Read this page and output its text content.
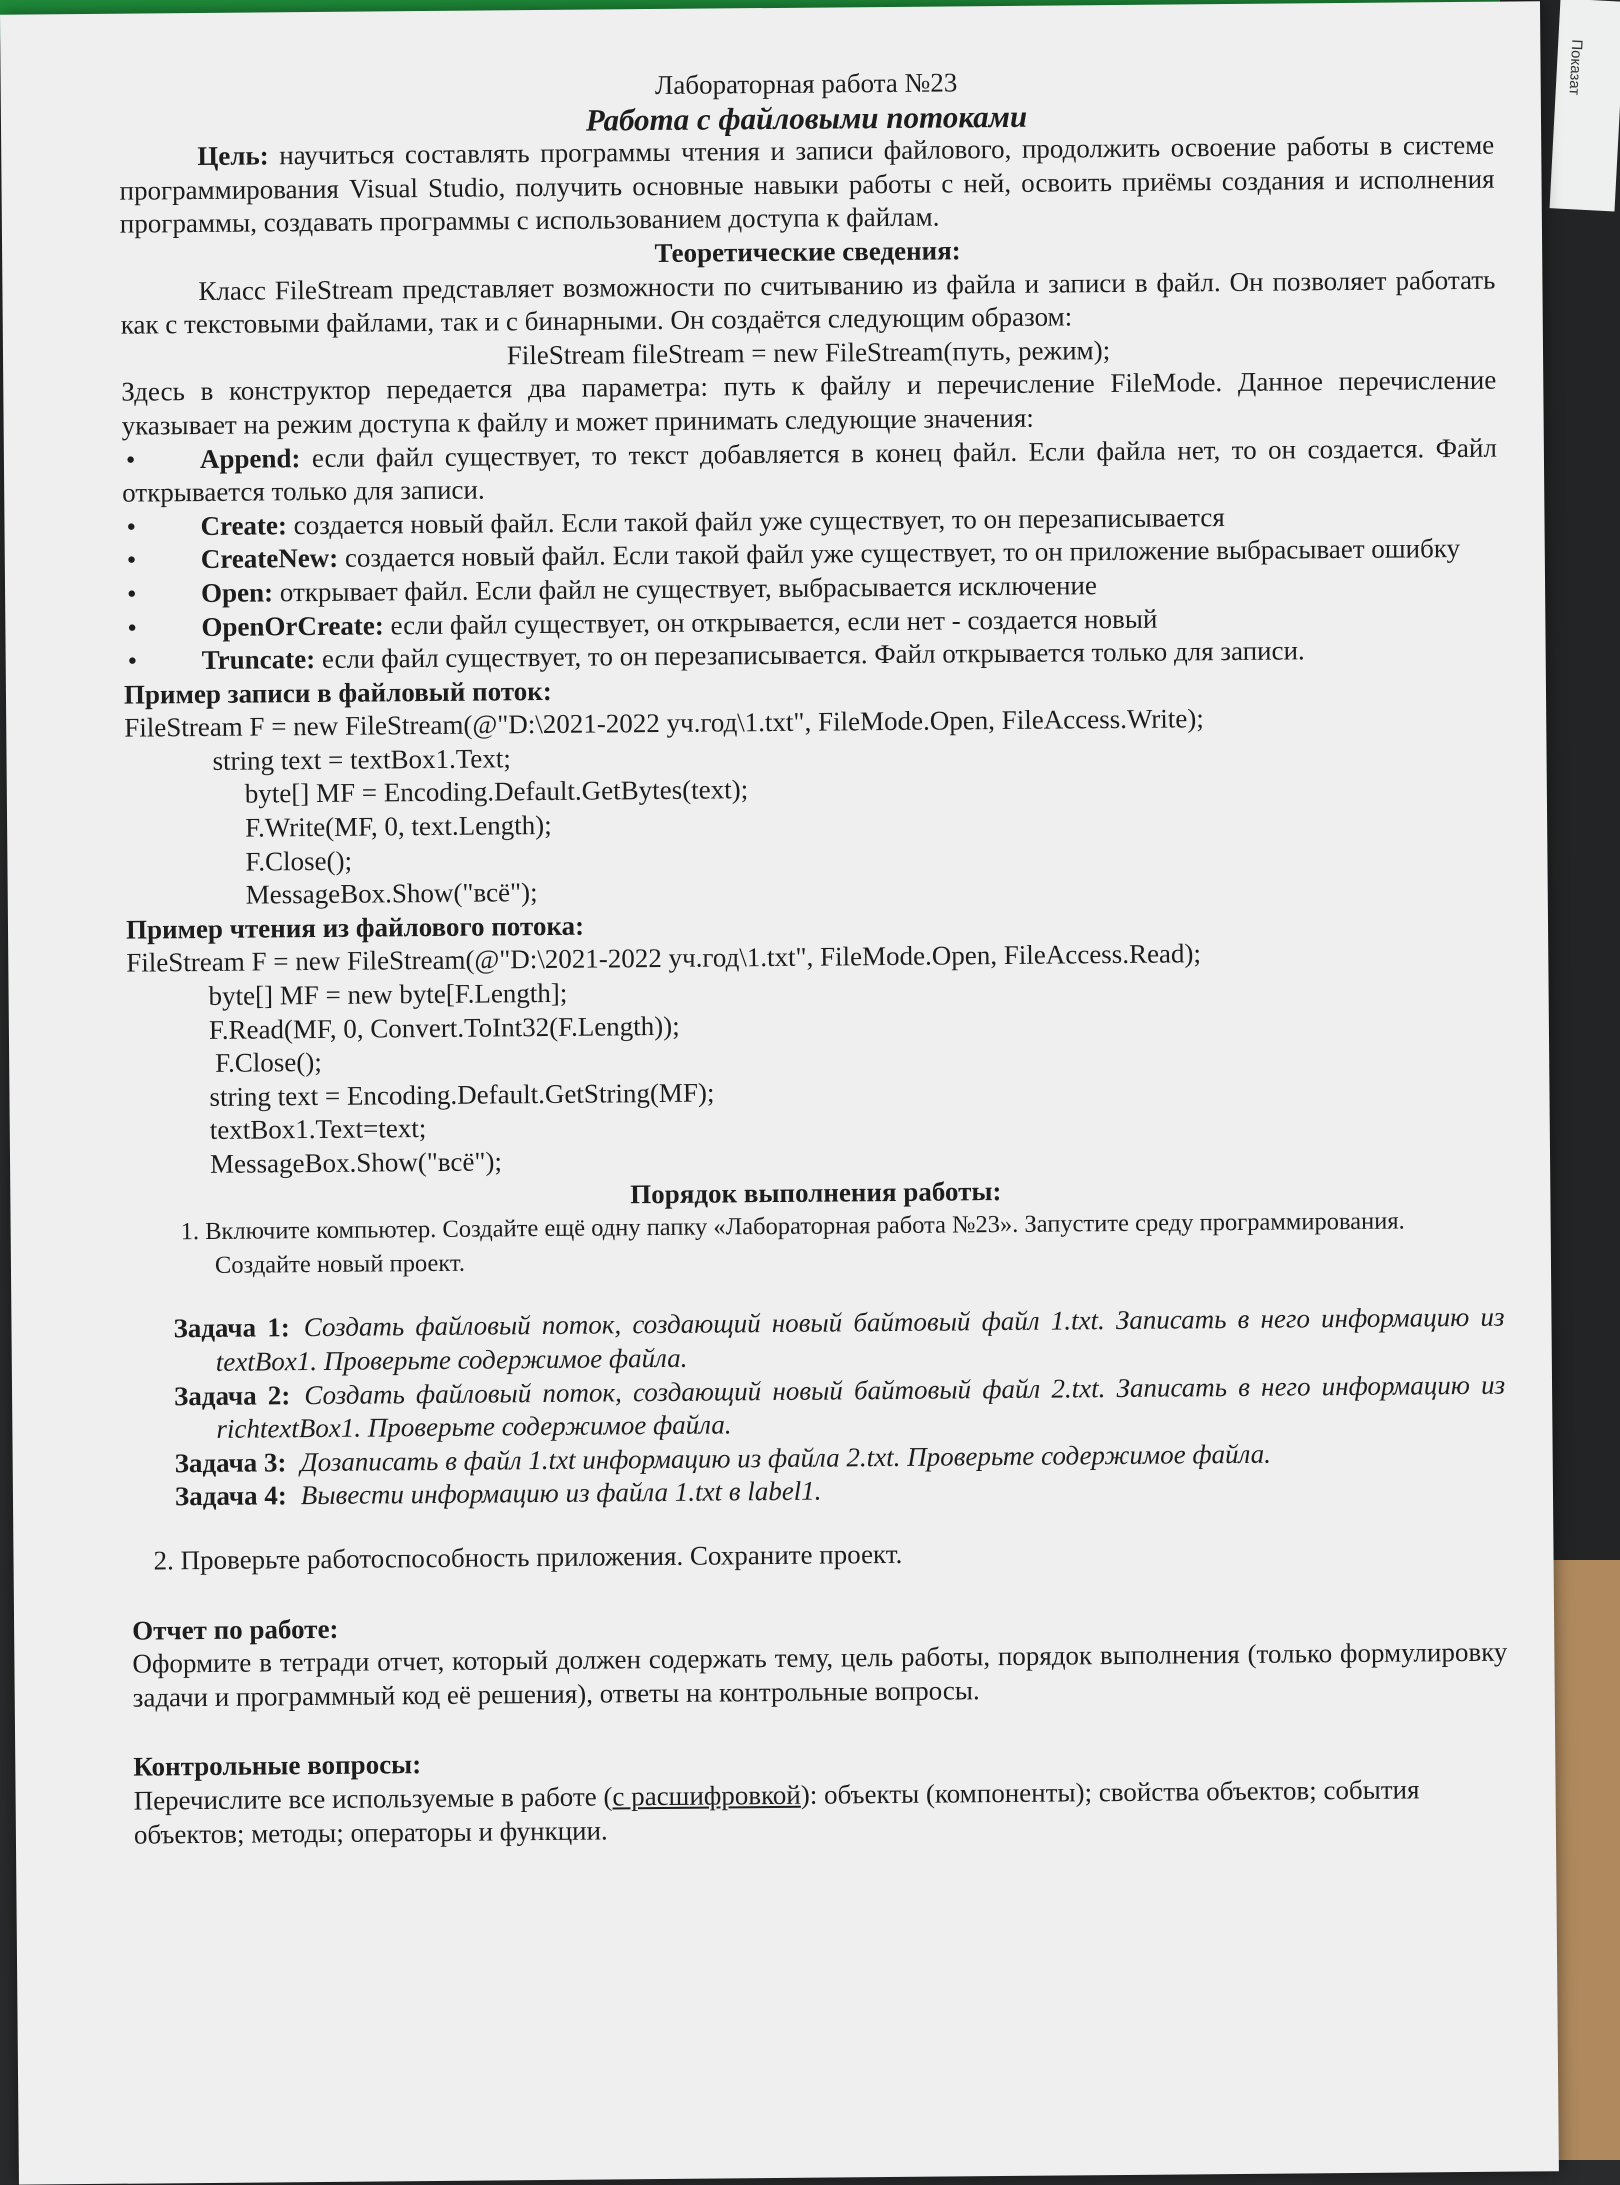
Показат

Лабораторная работа №23

Работа с файловыми потоками

Цель: научиться составлять программы чтения и записи файлового, продолжить освоение работы в системе программирования Visual Studio, получить основные навыки работы с ней, освоить приёмы создания и исполнения программы, создавать программы с использованием доступа к файлам.

Теоретические сведения:

Класс FileStream представляет возможности по считыванию из файла и записи в файл. Он позволяет работать как с текстовыми файлами, так и с бинарными. Он создаётся следующим образом:

FileStream fileStream = new FileStream(путь, режим);

Здесь в конструктор передается два параметра: путь к файлу и перечисление FileMode. Данное перечисление указывает на режим доступа к файлу и может принимать следующие значения:

• Append: если файл существует, то текст добавляется в конец файл. Если файла нет, то он создается. Файл открывается только для записи.

• Create: создается новый файл. Если такой файл уже существует, то он перезаписывается

• CreateNew: создается новый файл. Если такой файл уже существует, то он приложение выбрасывает ошибку

• Open: открывает файл. Если файл не существует, выбрасывается исключение

• OpenOrCreate: если файл существует, он открывается, если нет - создается новый

• Truncate: если файл существует, то он перезаписывается. Файл открывается только для записи.

Пример записи в файловый поток:

FileStream F = new FileStream(@"D:\2021-2022 уч.год\1.txt", FileMode.Open, FileAccess.Write);

string text = textBox1.Text;

byte[] MF = Encoding.Default.GetBytes(text);

F.Write(MF, 0, text.Length);

F.Close();

MessageBox.Show("всё");

Пример чтения из файлового потока:

FileStream F = new FileStream(@"D:\2021-2022 уч.год\1.txt", FileMode.Open, FileAccess.Read);

byte[] MF = new byte[F.Length];

F.Read(MF, 0, Convert.ToInt32(F.Length));

F.Close();

string text = Encoding.Default.GetString(MF);

textBox1.Text=text;

MessageBox.Show("всё");

Порядок выполнения работы:

1. Включите компьютер. Создайте ещё одну папку «Лабораторная работа №23». Запустите среду программирования. Создайте новый проект.

Задача 1: Создать файловый поток, создающий новый байтовый файл 1.txt. Записать в него информацию из textBox1. Проверьте содержимое файла.

Задача 2: Создать файловый поток, создающий новый байтовый файл 2.txt. Записать в него информацию из richtextBox1. Проверьте содержимое файла.

Задача 3: Дозаписать в файл 1.txt информацию из файла 2.txt. Проверьте содержимое файла.

Задача 4: Вывести информацию из файла 1.txt в label1.

2. Проверьте работоспособность приложения. Сохраните проект.

Отчет по работе:

Оформите в тетради отчет, который должен содержать тему, цель работы, порядок выполнения (только формулировку задачи и программный код её решения), ответы на контрольные вопросы.

Контрольные вопросы:

Перечислите все используемые в работе (с расшифровкой): объекты (компоненты); свойства объектов; события объектов; методы; операторы и функции.
